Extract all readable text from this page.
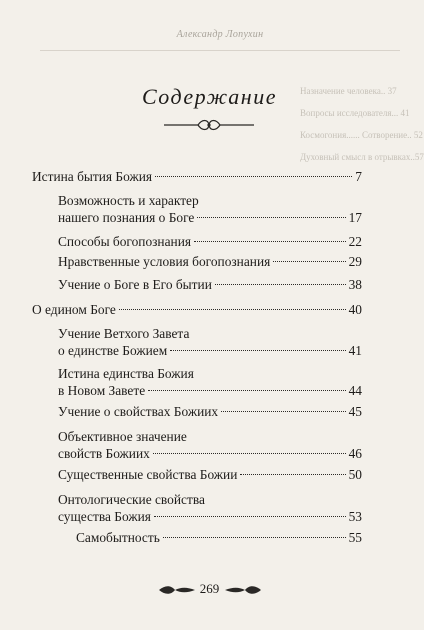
Александр Лопухин
Содержание	Назначение человека.. 37
Вопросы исследователя... 41
Космогония...... Сотворение.. 52
Духовный смысл в отрывках..57
Истина бытия Божия	7
Возможность и характер
нашего познания о Боге	17
Способы богопознания	22
Нравственные условия богопознания	29
Учение о Боге в Его бытии	38
О едином Боге	40
Учение Ветхого Завета
о единстве Божием	41
Истина единства Божия
в Новом Завете	44
Учение о свойствах Божиих	45
Объективное значение
свойств Божиих	46
Существенные свойства Божии	50
Онтологические свойства
существа Божия	53
Самобытность	55
269
